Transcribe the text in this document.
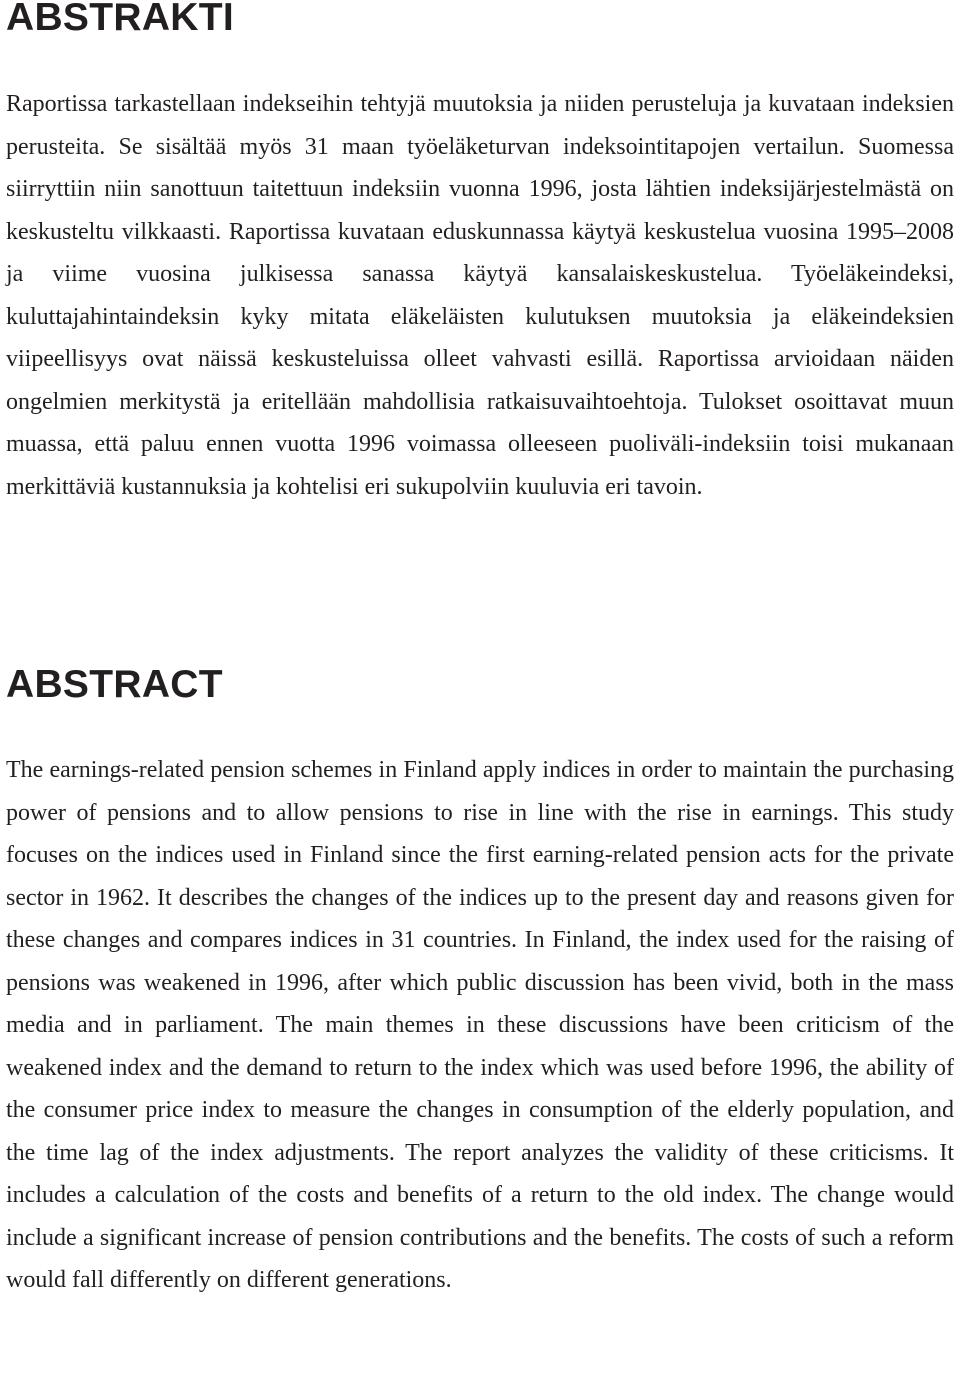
ABSTRAKTI

Raportissa tarkastellaan indekseihin tehtyjä muutoksia ja niiden perusteluja ja kuvataan indeksien perusteita. Se sisältää myös 31 maan työeläketurvan indeksointitapojen vertailun. Suomessa siirryttiin niin sanottuun taitettuun indeksiin vuonna 1996, josta lähtien indeksijärjestelmästä on keskusteltu vilkkaasti. Raportissa kuvataan eduskunnassa käytyä keskustelua vuosina 1995–2008 ja viime vuosina julkisessa sanassa käytyä kansalaiskeskustelua. Työeläkeindeksi, kuluttajahintaindeksin kyky mitata eläkeläisten kulutuksen muutoksia ja eläkeindeksien viipeellisyys ovat näissä keskusteluissa olleet vahvasti esillä. Raportissa arvioidaan näiden ongelmien merkitystä ja eritellään mahdollisia ratkaisuvaihtoehtoja. Tulokset osoittavat muun muassa, että paluu ennen vuotta 1996 voimassa olleeseen puoliväli-indeksiin toisi mukanaan merkittäviä kustannuksia ja kohtelisi eri sukupolviin kuuluvia eri tavoin.

ABSTRACT

The earnings-related pension schemes in Finland apply indices in order to maintain the purchasing power of pensions and to allow pensions to rise in line with the rise in earnings. This study focuses on the indices used in Finland since the first earning-related pension acts for the private sector in 1962. It describes the changes of the indices up to the present day and reasons given for these changes and compares indices in 31 countries. In Finland, the index used for the raising of pensions was weakened in 1996, after which public discussion has been vivid, both in the mass media and in parliament. The main themes in these discussions have been criticism of the weakened index and the demand to return to the index which was used before 1996, the ability of the consumer price index to measure the changes in consumption of the elderly population, and the time lag of the index adjustments. The report analyzes the validity of these criticisms. It includes a calculation of the costs and benefits of a return to the old index. The change would include a significant increase of pension contributions and the benefits. The costs of such a reform would fall differently on different generations.
